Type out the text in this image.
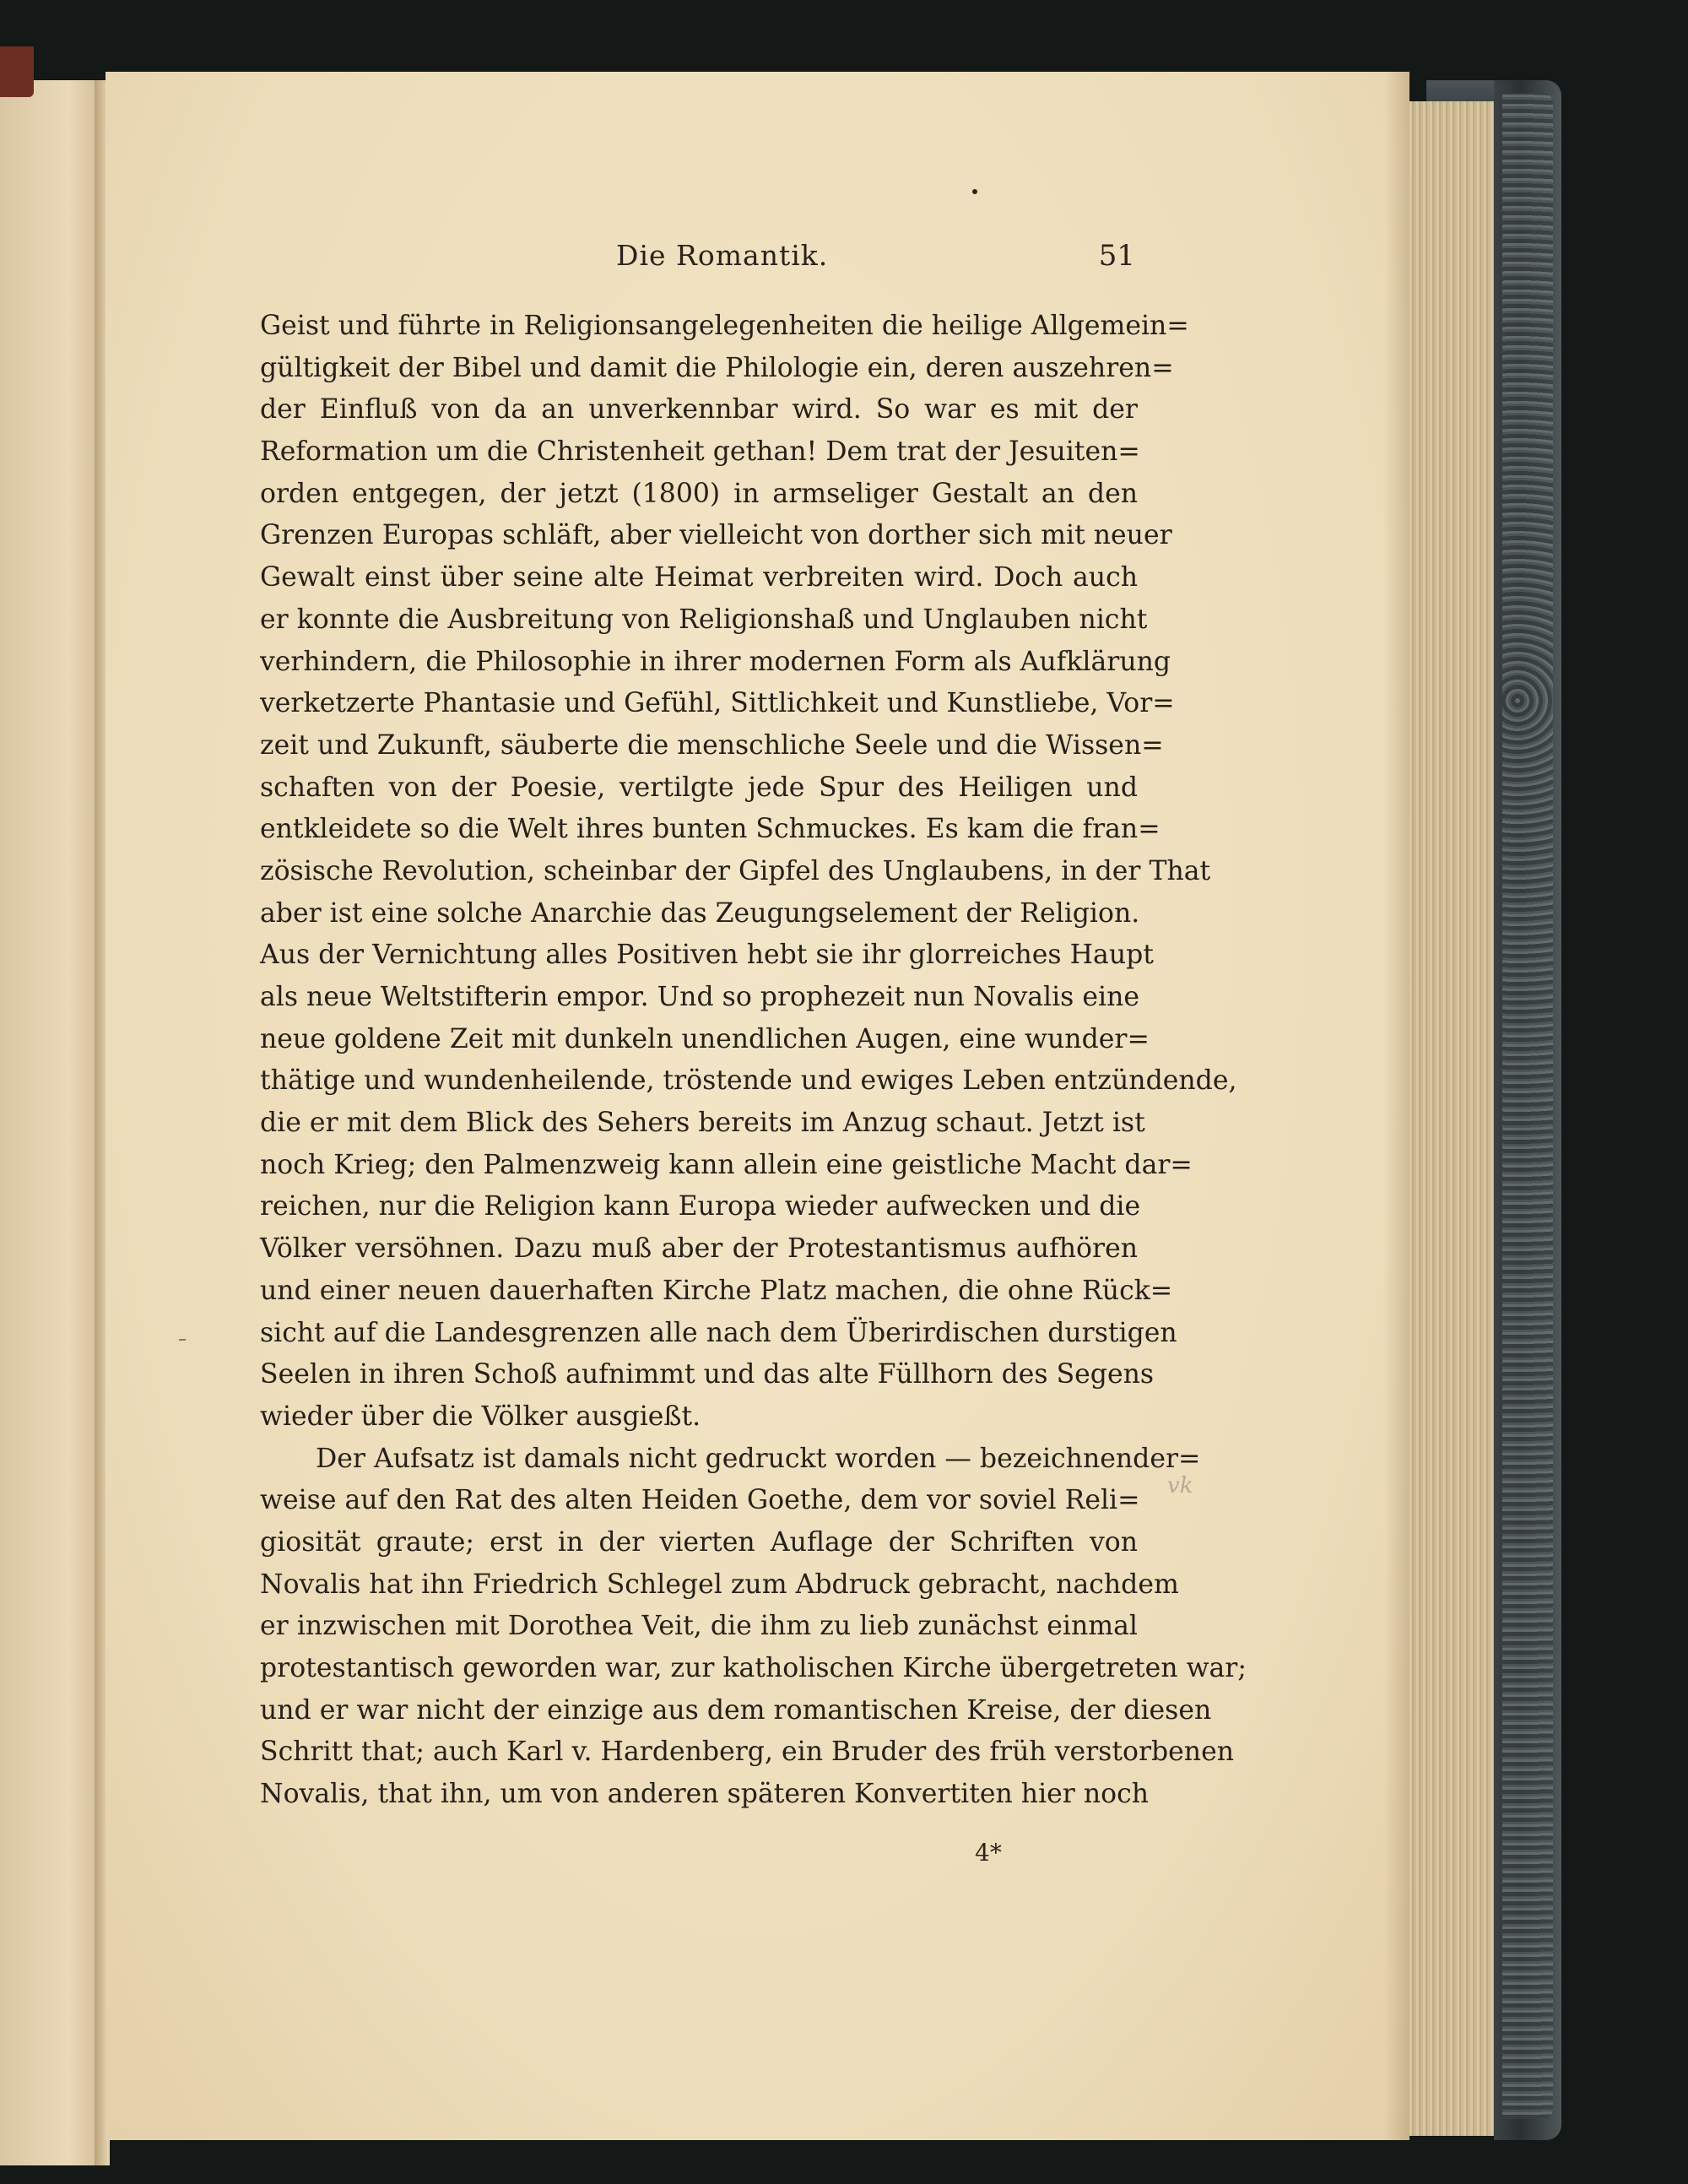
Die Romantik.	51
Geist und führte in Religionsangelegenheiten die heilige Allgemein=
gültigkeit der Bibel und damit die Philologie ein, deren auszehren=
der Einfluß von da an unverkennbar wird. So war es mit der
Reformation um die Christenheit gethan! Dem trat der Jesuiten=
orden entgegen, der jetzt (1800) in armseliger Gestalt an den
Grenzen Europas schläft, aber vielleicht von dorther sich mit neuer
Gewalt einst über seine alte Heimat verbreiten wird. Doch auch
er konnte die Ausbreitung von Religionshaß und Unglauben nicht
verhindern, die Philosophie in ihrer modernen Form als Aufklärung
verketzerte Phantasie und Gefühl, Sittlichkeit und Kunstliebe, Vor=
zeit und Zukunft, säuberte die menschliche Seele und die Wissen=
schaften von der Poesie, vertilgte jede Spur des Heiligen und
entkleidete so die Welt ihres bunten Schmuckes. Es kam die fran=
zösische Revolution, scheinbar der Gipfel des Unglaubens, in der That
aber ist eine solche Anarchie das Zeugungselement der Religion.
Aus der Vernichtung alles Positiven hebt sie ihr glorreiches Haupt
als neue Weltstifterin empor. Und so prophezeit nun Novalis eine
neue goldene Zeit mit dunkeln unendlichen Augen, eine wunder=
thätige und wundenheilende, tröstende und ewiges Leben entzündende,
die er mit dem Blick des Sehers bereits im Anzug schaut. Jetzt ist
noch Krieg; den Palmenzweig kann allein eine geistliche Macht dar=
reichen, nur die Religion kann Europa wieder aufwecken und die
Völker versöhnen. Dazu muß aber der Protestantismus aufhören
und einer neuen dauerhaften Kirche Platz machen, die ohne Rück=
sicht auf die Landesgrenzen alle nach dem Überirdischen durstigen
Seelen in ihren Schoß aufnimmt und das alte Füllhorn des Segens
wieder über die Völker ausgießt.
Der Aufsatz ist damals nicht gedruckt worden — bezeichnender=
weise auf den Rat des alten Heiden Goethe, dem vor soviel Reli=
giosität graute; erst in der vierten Auflage der Schriften von
Novalis hat ihn Friedrich Schlegel zum Abdruck gebracht, nachdem
er inzwischen mit Dorothea Veit, die ihm zu lieb zunächst einmal
protestantisch geworden war, zur katholischen Kirche übergetreten war;
und er war nicht der einzige aus dem romantischen Kreise, der diesen
Schritt that; auch Karl v. Hardenberg, ein Bruder des früh verstorbenen
Novalis, that ihn, um von anderen späteren Konvertiten hier noch
4*
vk
